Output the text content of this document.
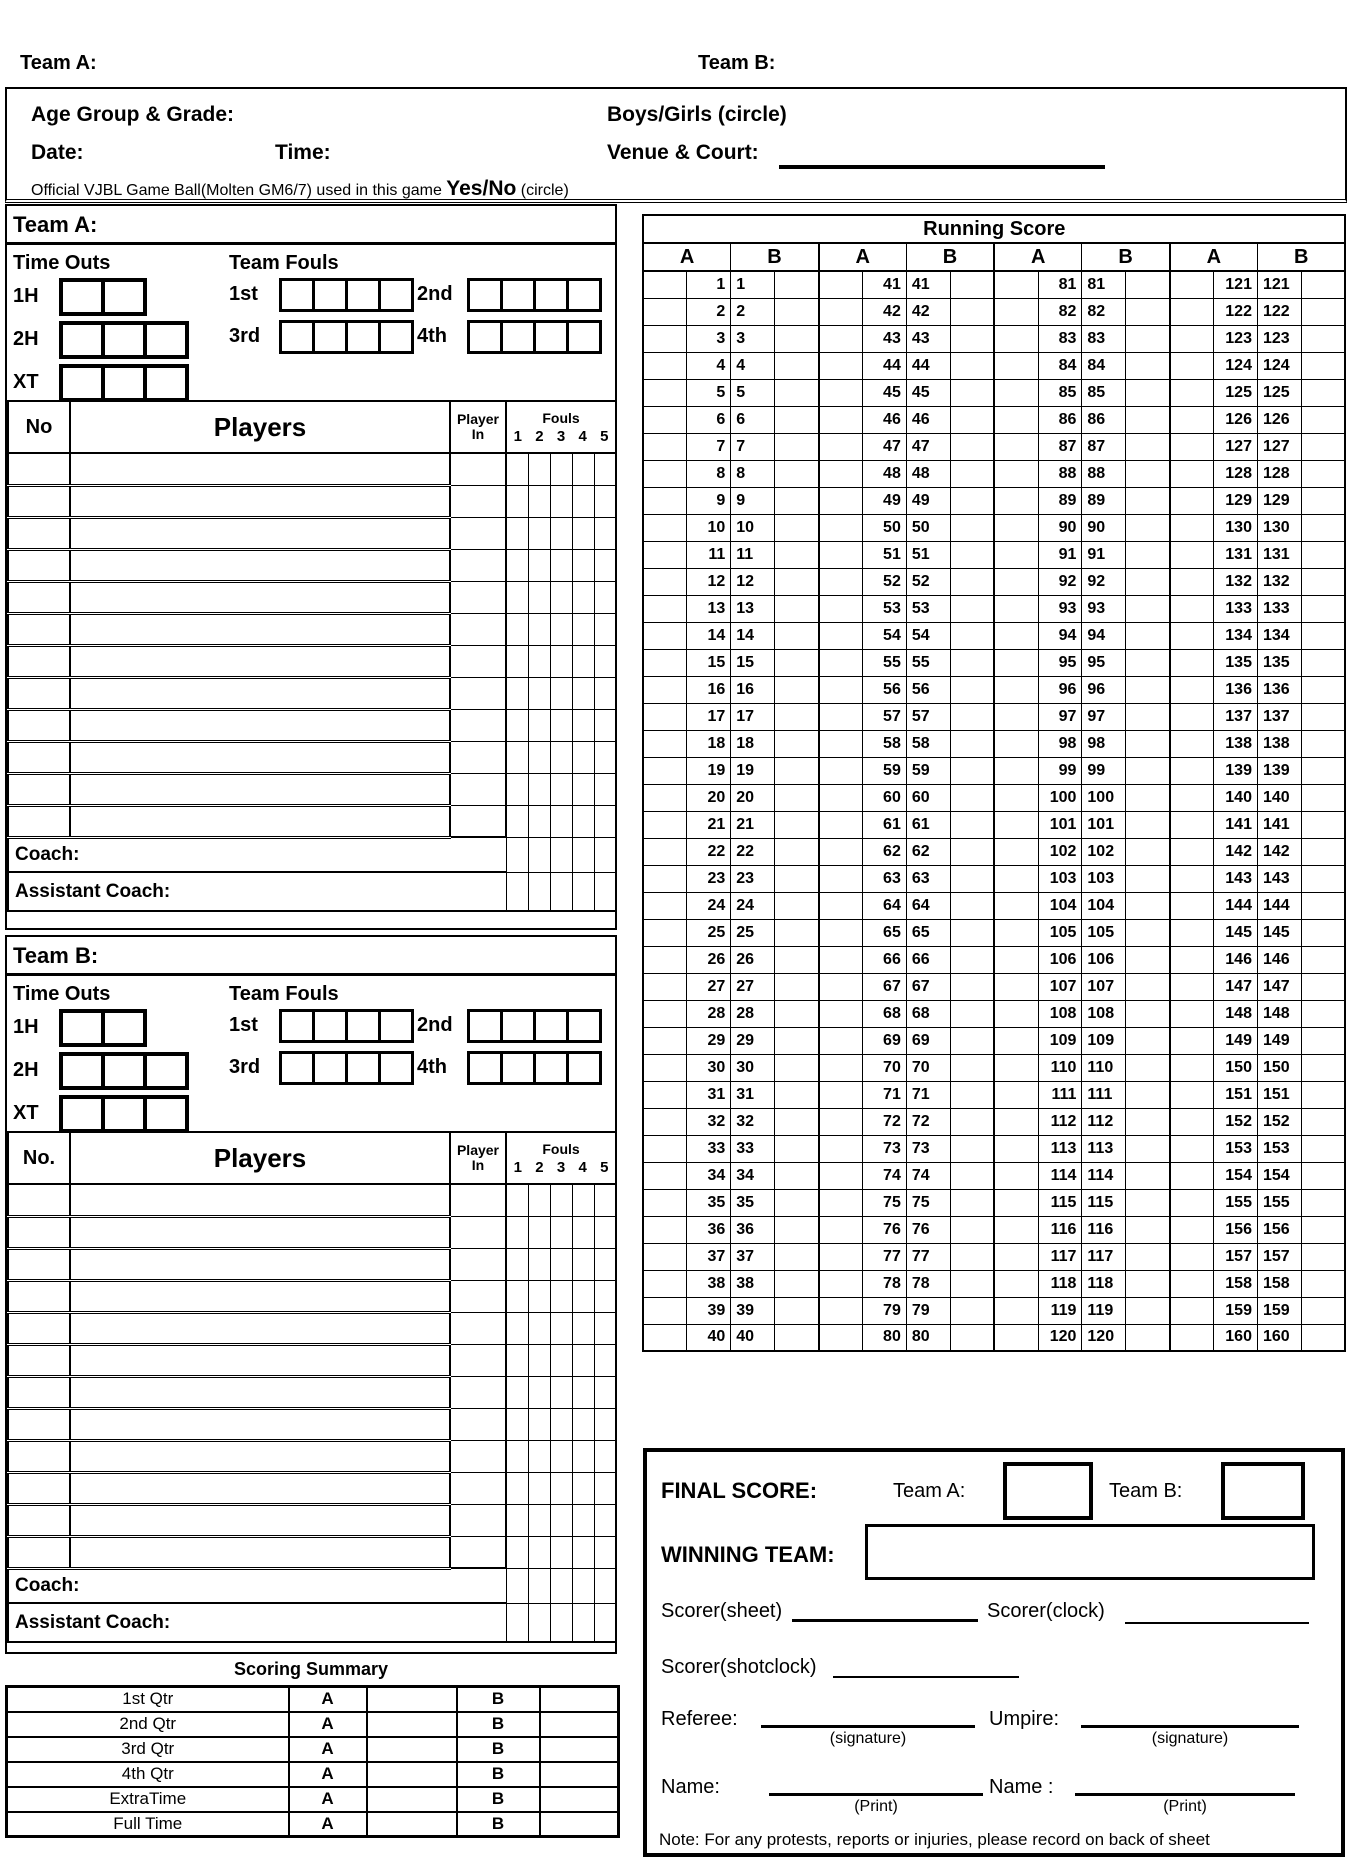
Team A:	Team B:
Age Group & Grade:	Boys/Girls (circle)
Date:	Time:	Venue & Court:
Official VJBL Game Ball(Molten GM6/7) used in this game Yes/No (circle)
Team A:
Time Outs	Team Fouls
1H
2H
XT
1st	2nd
3rd	4th
No	Players	Player
In

Fouls
1 2 3 4 5

Coach:							
Assistant Coach:							
Team B:
Time Outs	Team Fouls
1H
2H
XT
1st	2nd
3rd	4th
No.	Players	Player
In

Fouls
1 2 3 4 5

Coach:							
Assistant Coach:							
Scoring Summary
1st Qtr	A		B	
2nd Qtr	A		B	
3rd Qtr	A		B	
4th Qtr	A		B	
ExtraTime	A		B	
Full Time	A		B	
Running Score															
A		B		A		B		A		B		A		B	
	1	1			41	41			81	81			121	121	
	2	2			42	42			82	82			122	122	
	3	3			43	43			83	83			123	123	
	4	4			44	44			84	84			124	124	
	5	5			45	45			85	85			125	125	
	6	6			46	46			86	86			126	126	
	7	7			47	47			87	87			127	127	
	8	8			48	48			88	88			128	128	
	9	9			49	49			89	89			129	129	
	10	10			50	50			90	90			130	130	
	11	11			51	51			91	91			131	131	
	12	12			52	52			92	92			132	132	
	13	13			53	53			93	93			133	133	
	14	14			54	54			94	94			134	134	
	15	15			55	55			95	95			135	135	
	16	16			56	56			96	96			136	136	
	17	17			57	57			97	97			137	137	
	18	18			58	58			98	98			138	138	
	19	19			59	59			99	99			139	139	
	20	20			60	60			100	100			140	140	
	21	21			61	61			101	101			141	141	
	22	22			62	62			102	102			142	142	
	23	23			63	63			103	103			143	143	
	24	24			64	64			104	104			144	144	
	25	25			65	65			105	105			145	145	
	26	26			66	66			106	106			146	146	
	27	27			67	67			107	107			147	147	
	28	28			68	68			108	108			148	148	
	29	29			69	69			109	109			149	149	
	30	30			70	70			110	110			150	150	
	31	31			71	71			111	111			151	151	
	32	32			72	72			112	112			152	152	
	33	33			73	73			113	113			153	153	
	34	34			74	74			114	114			154	154	
	35	35			75	75			115	115			155	155	
	36	36			76	76			116	116			156	156	
	37	37			77	77			117	117			157	157	
	38	38			78	78			118	118			158	158	
	39	39			79	79			119	119			159	159	
	40	40			80	80			120	120			160	160	
FINAL SCORE:	Team A:	Team B:
WINNING TEAM:
Scorer(sheet)	Scorer(clock)
Scorer(shotclock)
Referee:
(signature)
Umpire:
(signature)
Name:
(Print)
Name :
(Print)
Note: For any protests, reports or injuries, please record on back of sheet
